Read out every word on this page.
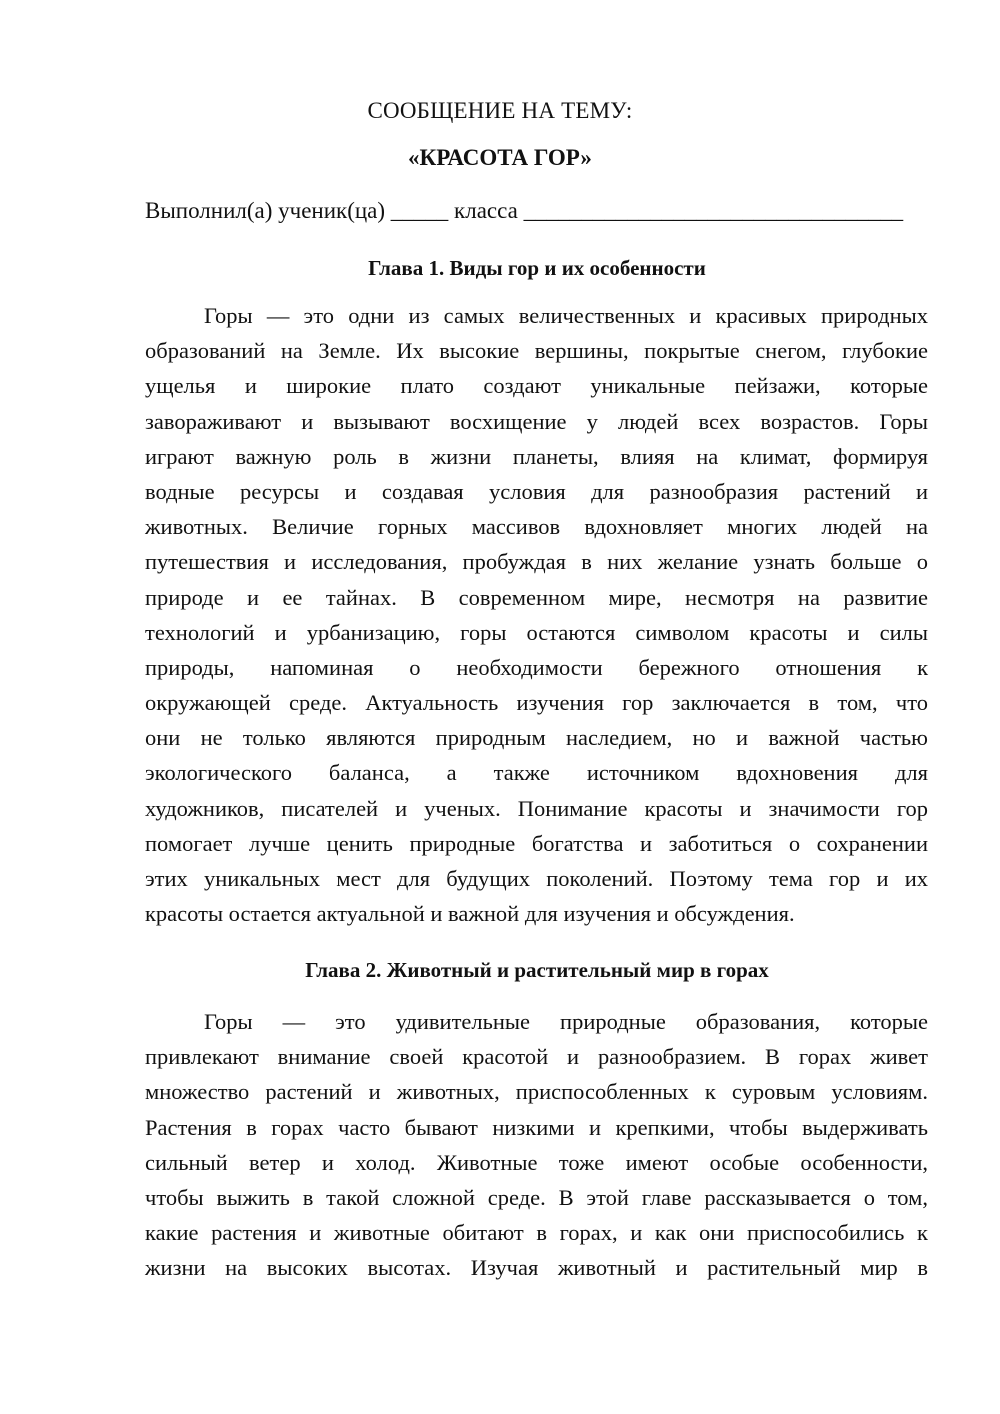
СООБЩЕНИЕ НА ТЕМУ:
«КРАСОТА ГОР»
Выполнил(а) ученик(ца) _____ класса _________________________________
Глава 1. Виды гор и их особенности
Горы — это одни из самых величественных и красивых природных
образований на Земле. Их высокие вершины, покрытые снегом, глубокие
ущелья и широкие плато создают уникальные пейзажи, которые
завораживают и вызывают восхищение у людей всех возрастов. Горы
играют важную роль в жизни планеты, влияя на климат, формируя
водные ресурсы и создавая условия для разнообразия растений и
животных. Величие горных массивов вдохновляет многих людей на
путешествия и исследования, пробуждая в них желание узнать больше о
природе и ее тайнах. В современном мире, несмотря на развитие
технологий и урбанизацию, горы остаются символом красоты и силы
природы, напоминая о необходимости бережного отношения к
окружающей среде. Актуальность изучения гор заключается в том, что
они не только являются природным наследием, но и важной частью
экологического баланса, а также источником вдохновения для
художников, писателей и ученых. Понимание красоты и значимости гор
помогает лучше ценить природные богатства и заботиться о сохранении
этих уникальных мест для будущих поколений. Поэтому тема гор и их
красоты остается актуальной и важной для изучения и обсуждения.
Глава 2. Животный и растительный мир в горах
Горы — это удивительные природные образования, которые
привлекают внимание своей красотой и разнообразием. В горах живет
множество растений и животных, приспособленных к суровым условиям.
Растения в горах часто бывают низкими и крепкими, чтобы выдерживать
сильный ветер и холод. Животные тоже имеют особые особенности,
чтобы выжить в такой сложной среде. В этой главе рассказывается о том,
какие растения и животные обитают в горах, и как они приспособились к
жизни на высоких высотах. Изучая животный и растительный мир в
